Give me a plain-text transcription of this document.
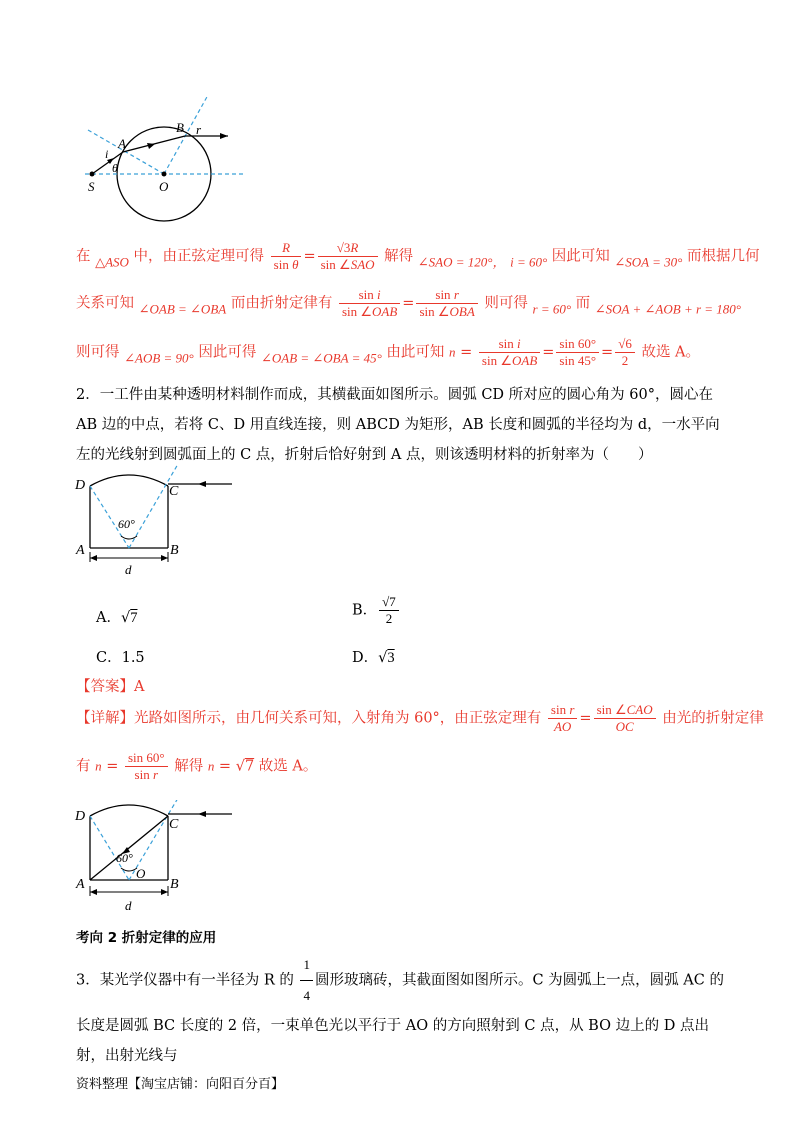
A
B r
i
θ
S	O
在 △ASO 中，由正弦定理可得 $\frac{R}{\text{sin θ}} = \frac{√3R}{\text{sin ∠SAO}}$ 解得 ∠SAO = 120°， i = 60° 因此可知 ∠SOA = 30° 而根据几何
关系可知 ∠OAB = ∠OBA 而由折射定律有 $\frac{\text{sin i}}{\text{sin ∠OAB}} = \frac{\text{sin r}}{\text{sin ∠OBA}}$ 则可得 r = 60° 而 ∠SOA + ∠AOB + r = 180°
则可得 ∠AOB = 90° 因此可得 ∠OAB = ∠OBA = 45° 由此可知 $n = \frac{\text{sin i}}{\text{sin ∠OAB}} = \frac{\sin 60^\circ}{\sin 45^\circ} = \frac{√6}{2}$ 故选 A。
2．一工件由某种透明材料制作而成，其横截面如图所示。圆弧 CD 所对应的圆心角为 60°，圆心在 AB 边的中点，若将 C、D 用直线连接，则 ABCD 为矩形，AB 长度和圆弧的半径均为 d，一水平向左的光线射到圆弧面上的 C 点，折射后恰好射到 A 点，则该透明材料的折射率为（　　）
D	C
A	B
60°
d
A．√7	B． $\frac{√7}{2}$
C．1.5	D．√3
【答案】A
【详解】光路如图所示，由几何关系可知，入射角为 60°，由正弦定理有 $\frac{\text{sin r}}{AO} = \frac{\text{sin ∠CAO}}{OC}$ 由光的折射定律
有 $n = \frac{\sin 60^\circ}{\text{sin r}}$ 解得 n = √7 故选 A。
D
C
A	B
60°
O
d
考向 2 折射定律的应用
3．某光学仪器中有一半径为 R 的 $\frac{1}{4}$ 圆形玻璃砖，其截面图如图所示。C 为圆弧上一点，圆弧 AC 的长度是圆弧 BC 长度的 2 倍，一束单色光以平行于 AO 的方向照射到 C 点，从 BO 边上的 D 点出射，出射光线与
资料整理【淘宝店铺：向阳百分百】
